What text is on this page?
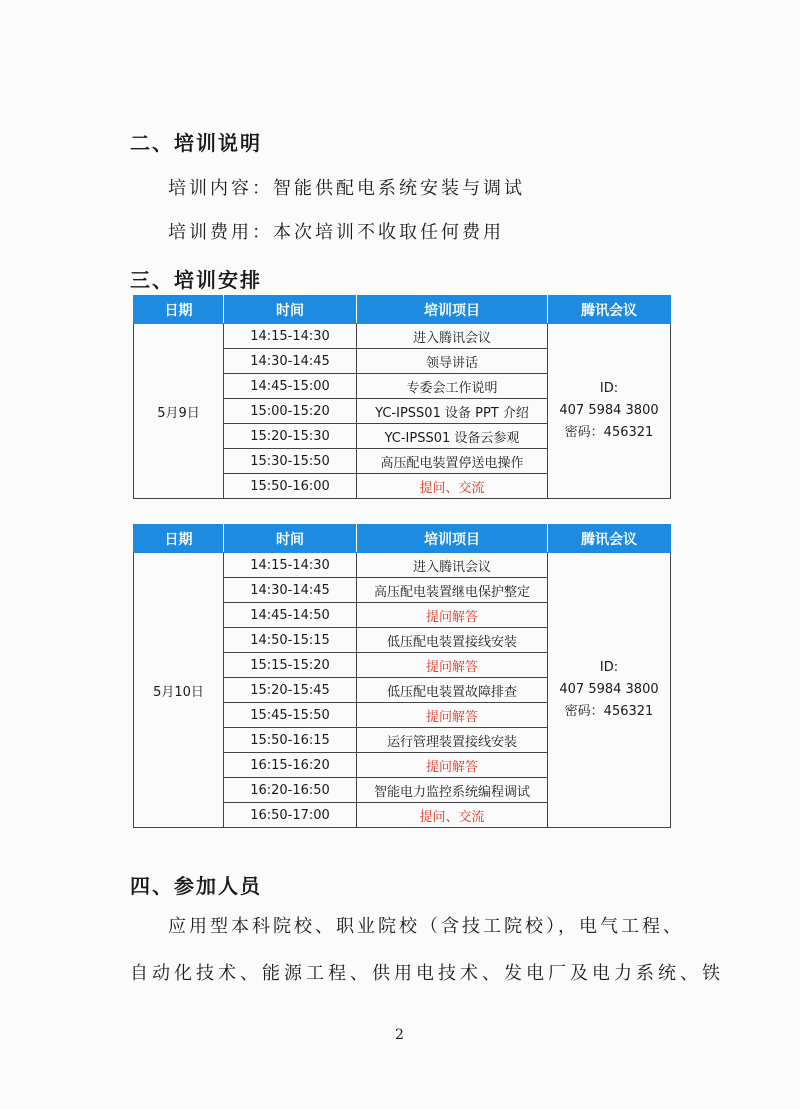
二、培训说明
培训内容：智能供配电系统安装与调试
培训费用：本次培训不收取任何费用
三、培训安排
日期	时间	培训项目	腾讯会议
5月9日	14:15-14:30	进入腾讯会议	ID:
407 5984 3800
密码：456321

	14:30-14:45	领导讲话	
	14:45-15:00	专委会工作说明	
	15:00-15:20	YC-IPSS01 设备 PPT 介绍	
	15:20-15:30	YC-IPSS01 设备云参观	
	15:30-15:50	高压配电装置停送电操作	
	15:50-16:00	提问、交流	
日期	时间	培训项目	腾讯会议
5月10日	14:15-14:30	进入腾讯会议	ID:
407 5984 3800
密码：456321

	14:30-14:45	高压配电装置继电保护整定	
	14:45-14:50	提问解答	
	14:50-15:15	低压配电装置接线安装	
	15:15-15:20	提问解答	
	15:20-15:45	低压配电装置故障排查	
	15:45-15:50	提问解答	
	15:50-16:15	运行管理装置接线安装	
	16:15-16:20	提问解答	
	16:20-16:50	智能电力监控系统编程调试	
	16:50-17:00	提问、交流	
四、参加人员
应用型本科院校、职业院校（含技工院校），电气工程、
自动化技术、能源工程、供用电技术、发电厂及电力系统、铁
2
